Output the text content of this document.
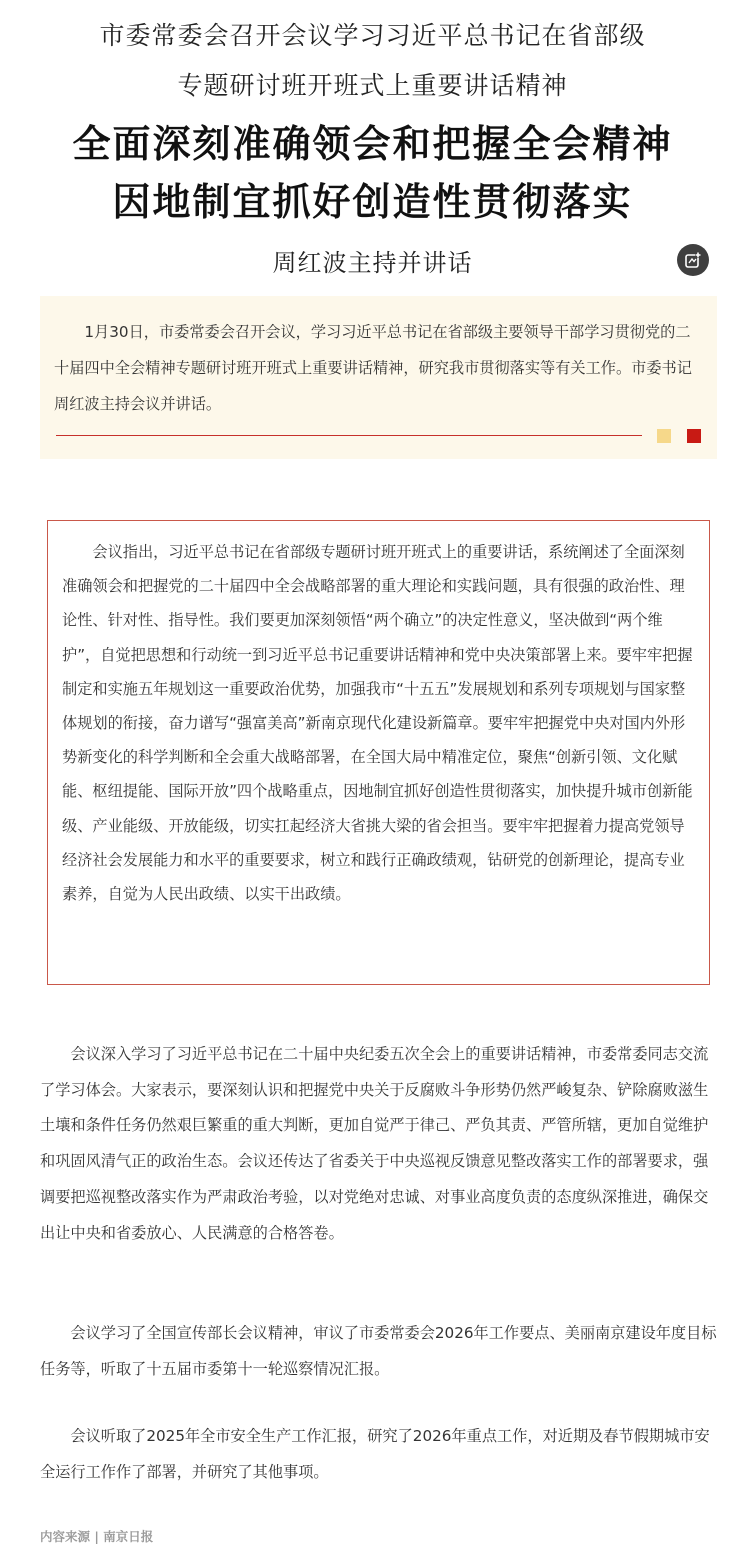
市委常委会召开会议学习习近平总书记在省部级
专题研讨班开班式上重要讲话精神
全面深刻准确领会和把握全会精神
因地制宜抓好创造性贯彻落实
周红波主持并讲话
1月30日，市委常委会召开会议，学习习近平总书记在省部级主要领导干部学习贯彻党的二十届四中全会精神专题研讨班开班式上重要讲话精神，研究我市贯彻落实等有关工作。市委书记周红波主持会议并讲话。
会议指出，习近平总书记在省部级专题研讨班开班式上的重要讲话，系统阐述了全面深刻准确领会和把握党的二十届四中全会战略部署的重大理论和实践问题，具有很强的政治性、理论性、针对性、指导性。我们要更加深刻领悟“两个确立”的决定性意义，坚决做到“两个维护”，自觉把思想和行动统一到习近平总书记重要讲话精神和党中央决策部署上来。要牢牢把握制定和实施五年规划这一重要政治优势，加强我市“十五五”发展规划和系列专项规划与国家整体规划的衔接，奋力谱写“强富美高”新南京现代化建设新篇章。要牢牢把握党中央对国内外形势新变化的科学判断和全会重大战略部署，在全国大局中精准定位，聚焦“创新引领、文化赋能、枢纽提能、国际开放”四个战略重点，因地制宜抓好创造性贯彻落实，加快提升城市创新能级、产业能级、开放能级，切实扛起经济大省挑大梁的省会担当。要牢牢把握着力提高党领导经济社会发展能力和水平的重要要求，树立和践行正确政绩观，钻研党的创新理论，提高专业素养，自觉为人民出政绩、以实干出政绩。
会议深入学习了习近平总书记在二十届中央纪委五次全会上的重要讲话精神，市委常委同志交流了学习体会。大家表示，要深刻认识和把握党中央关于反腐败斗争形势仍然严峻复杂、铲除腐败滋生土壤和条件任务仍然艰巨繁重的重大判断，更加自觉严于律己、严负其责、严管所辖，更加自觉维护和巩固风清气正的政治生态。会议还传达了省委关于中央巡视反馈意见整改落实工作的部署要求，强调要把巡视整改落实作为严肃政治考验，以对党绝对忠诚、对事业高度负责的态度纵深推进，确保交出让中央和省委放心、人民满意的合格答卷。
会议学习了全国宣传部长会议精神，审议了市委常委会2026年工作要点、美丽南京建设年度目标任务等，听取了十五届市委第十一轮巡察情况汇报。
会议听取了2025年全市安全生产工作汇报，研究了2026年重点工作，对近期及春节假期城市安全运行工作作了部署，并研究了其他事项。
内容来源 | 南京日报
